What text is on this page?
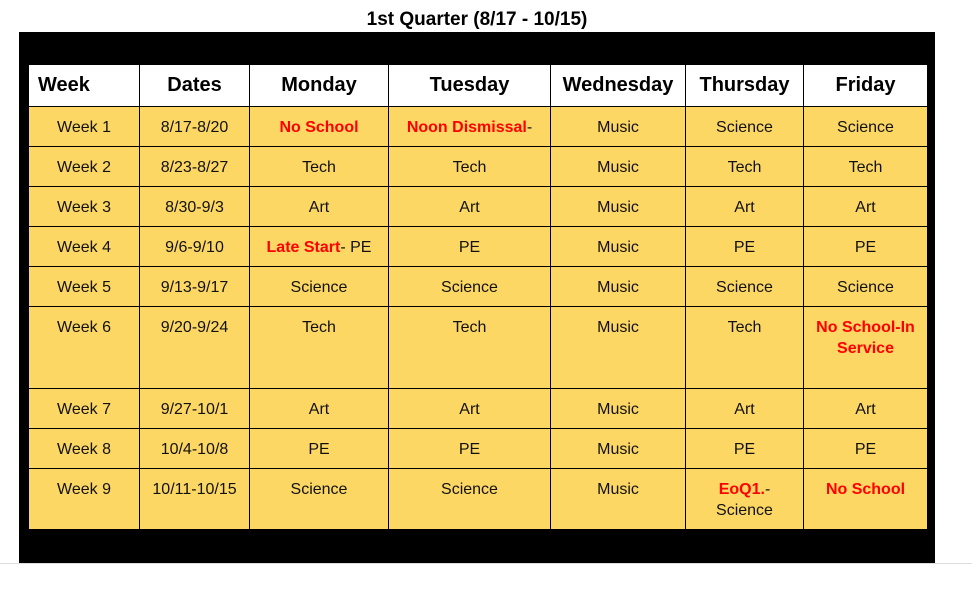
1st Quarter (8/17 - 10/15)
Week	Dates	Monday	Tuesday	Wednesday	Thursday	Friday
Week 1	8/17-8/20	No School	Noon Dismissal-	Music	Science	Science
Week 2	8/23-8/27	Tech	Tech	Music	Tech	Tech
Week 3	8/30-9/3	Art	Art	Music	Art	Art
Week 4	9/6-9/10	Late Start- PE	PE	Music	PE	PE
Week 5	9/13-9/17	Science	Science	Music	Science	Science
Week 6	9/20-9/24	Tech	Tech	Music	Tech	No School-In Service
Week 7	9/27-10/1	Art	Art	Music	Art	Art
Week 8	10/4-10/8	PE	PE	Music	PE	PE
Week 9	10/11-10/15	Science	Science	Music	EoQ1.- Science	No School
